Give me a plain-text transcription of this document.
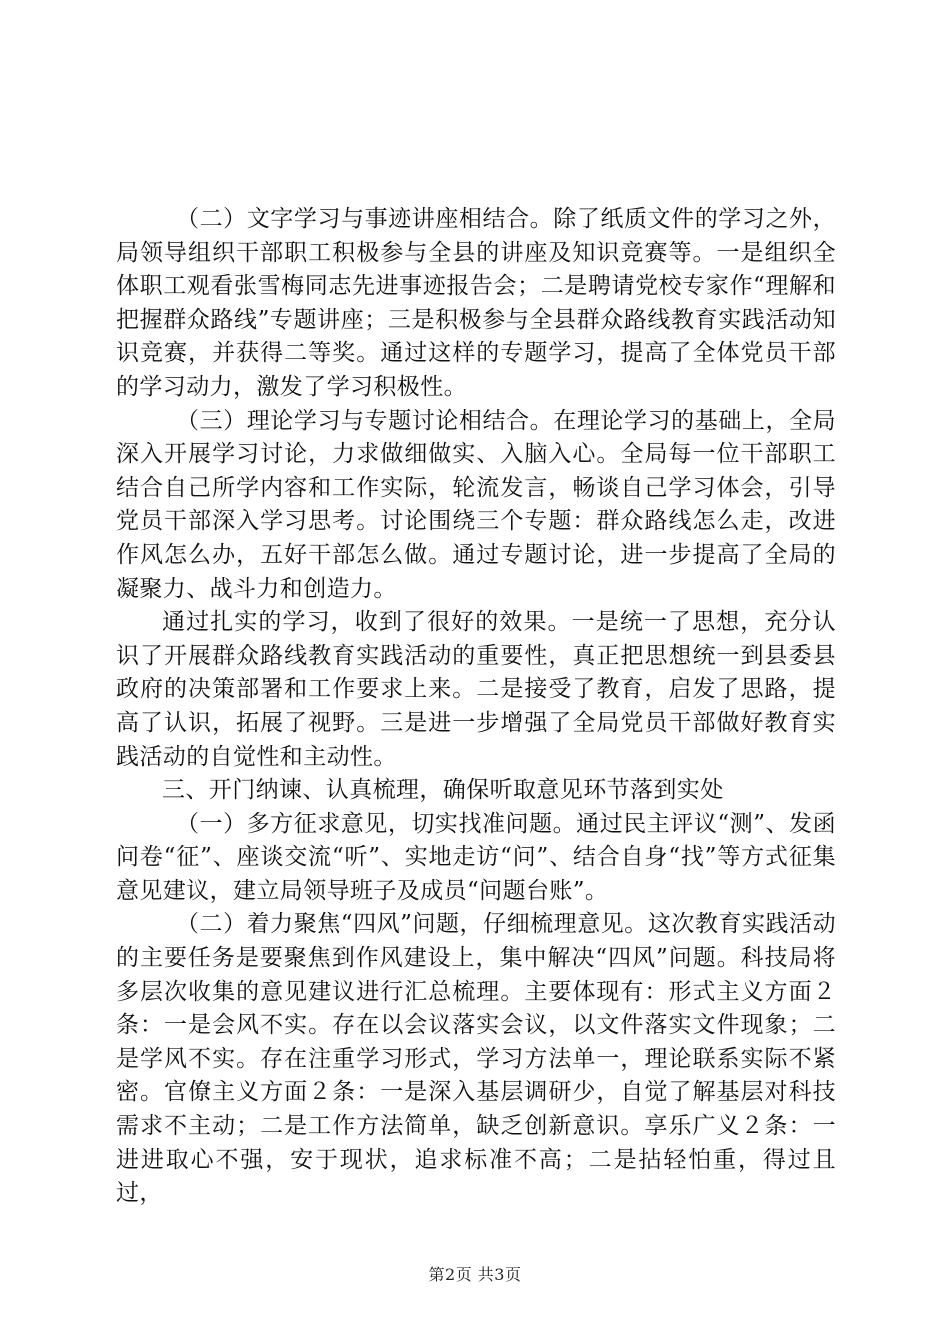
（二）文字学习与事迹讲座相结合。除了纸质文件的学习之外，局领导组织干部职工积极参与全县的讲座及知识竞赛等。一是组织全体职工观看张雪梅同志先进事迹报告会；二是聘请党校专家作“理解和把握群众路线”专题讲座；三是积极参与全县群众路线教育实践活动知识竞赛，并获得二等奖。通过这样的专题学习，提高了全体党员干部的学习动力，激发了学习积极性。

（三）理论学习与专题讨论相结合。在理论学习的基础上，全局深入开展学习讨论，力求做细做实、入脑入心。全局每一位干部职工结合自己所学内容和工作实际，轮流发言，畅谈自己学习体会，引导党员干部深入学习思考。讨论围绕三个专题：群众路线怎么走，改进作风怎么办，五好干部怎么做。通过专题讨论，进一步提高了全局的凝聚力、战斗力和创造力。

通过扎实的学习，收到了很好的效果。一是统一了思想，充分认识了开展群众路线教育实践活动的重要性，真正把思想统一到县委县政府的决策部署和工作要求上来。二是接受了教育，启发了思路，提高了认识，拓展了视野。三是进一步增强了全局党员干部做好教育实践活动的自觉性和主动性。

三、开门纳谏、认真梳理，确保听取意见环节落到实处

（一）多方征求意见，切实找准问题。通过民主评议“测”、发函问卷“征”、座谈交流“听”、实地走访“问”、结合自身“找”等方式征集意见建议，建立局领导班子及成员“问题台账”。

（二）着力聚焦“四风”问题，仔细梳理意见。这次教育实践活动的主要任务是要聚焦到作风建设上，集中解决“四风”问题。科技局将多层次收集的意见建议进行汇总梳理。主要体现有：形式主义方面２条：一是会风不实。存在以会议落实会议，以文件落实文件现象；二是学风不实。存在注重学习形式，学习方法单一，理论联系实际不紧密。官僚主义方面２条：一是深入基层调研少，自觉了解基层对科技需求不主动；二是工作方法简单，缺乏创新意识。享乐广义２条：一进进取心不强，安于现状，追求标准不高；二是拈轻怕重，得过且过，

第2页 共3页
